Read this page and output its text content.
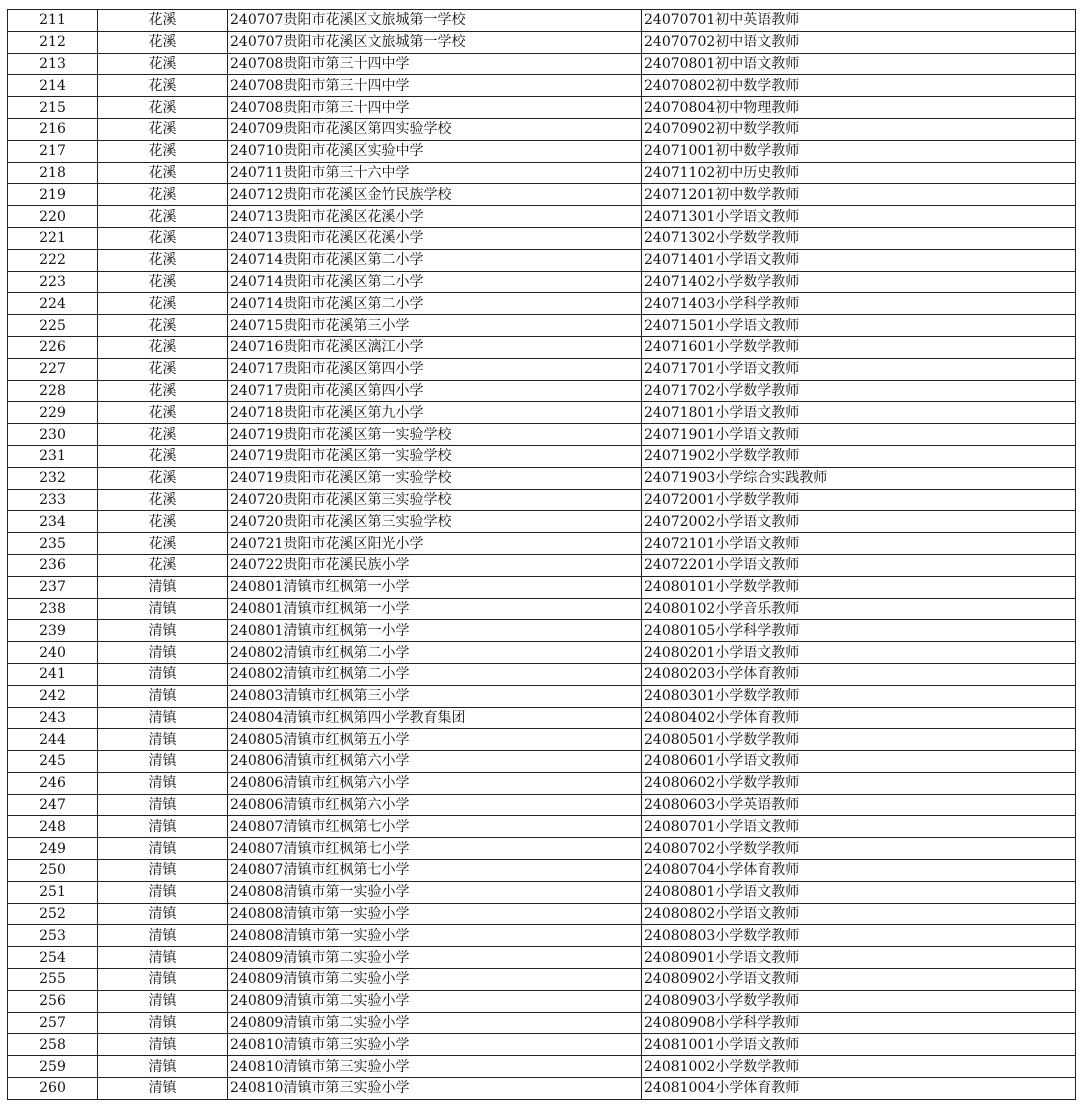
211	花溪	240707贵阳市花溪区文旅城第一学校	24070701初中英语教师
212	花溪	240707贵阳市花溪区文旅城第一学校	24070702初中语文教师
213	花溪	240708贵阳市第三十四中学	24070801初中语文教师
214	花溪	240708贵阳市第三十四中学	24070802初中数学教师
215	花溪	240708贵阳市第三十四中学	24070804初中物理教师
216	花溪	240709贵阳市花溪区第四实验学校	24070902初中数学教师
217	花溪	240710贵阳市花溪区实验中学	24071001初中数学教师
218	花溪	240711贵阳市第三十六中学	24071102初中历史教师
219	花溪	240712贵阳市花溪区金竹民族学校	24071201初中数学教师
220	花溪	240713贵阳市花溪区花溪小学	24071301小学语文教师
221	花溪	240713贵阳市花溪区花溪小学	24071302小学数学教师
222	花溪	240714贵阳市花溪区第二小学	24071401小学语文教师
223	花溪	240714贵阳市花溪区第二小学	24071402小学数学教师
224	花溪	240714贵阳市花溪区第二小学	24071403小学科学教师
225	花溪	240715贵阳市花溪第三小学	24071501小学语文教师
226	花溪	240716贵阳市花溪区漓江小学	24071601小学数学教师
227	花溪	240717贵阳市花溪区第四小学	24071701小学语文教师
228	花溪	240717贵阳市花溪区第四小学	24071702小学数学教师
229	花溪	240718贵阳市花溪区第九小学	24071801小学语文教师
230	花溪	240719贵阳市花溪区第一实验学校	24071901小学语文教师
231	花溪	240719贵阳市花溪区第一实验学校	24071902小学数学教师
232	花溪	240719贵阳市花溪区第一实验学校	24071903小学综合实践教师
233	花溪	240720贵阳市花溪区第三实验学校	24072001小学数学教师
234	花溪	240720贵阳市花溪区第三实验学校	24072002小学语文教师
235	花溪	240721贵阳市花溪区阳光小学	24072101小学语文教师
236	花溪	240722贵阳市花溪民族小学	24072201小学语文教师
237	清镇	240801清镇市红枫第一小学	24080101小学数学教师
238	清镇	240801清镇市红枫第一小学	24080102小学音乐教师
239	清镇	240801清镇市红枫第一小学	24080105小学科学教师
240	清镇	240802清镇市红枫第二小学	24080201小学语文教师
241	清镇	240802清镇市红枫第二小学	24080203小学体育教师
242	清镇	240803清镇市红枫第三小学	24080301小学数学教师
243	清镇	240804清镇市红枫第四小学教育集团	24080402小学体育教师
244	清镇	240805清镇市红枫第五小学	24080501小学数学教师
245	清镇	240806清镇市红枫第六小学	24080601小学语文教师
246	清镇	240806清镇市红枫第六小学	24080602小学数学教师
247	清镇	240806清镇市红枫第六小学	24080603小学英语教师
248	清镇	240807清镇市红枫第七小学	24080701小学语文教师
249	清镇	240807清镇市红枫第七小学	24080702小学数学教师
250	清镇	240807清镇市红枫第七小学	24080704小学体育教师
251	清镇	240808清镇市第一实验小学	24080801小学语文教师
252	清镇	240808清镇市第一实验小学	24080802小学语文教师
253	清镇	240808清镇市第一实验小学	24080803小学数学教师
254	清镇	240809清镇市第二实验小学	24080901小学语文教师
255	清镇	240809清镇市第二实验小学	24080902小学语文教师
256	清镇	240809清镇市第二实验小学	24080903小学数学教师
257	清镇	240809清镇市第二实验小学	24080908小学科学教师
258	清镇	240810清镇市第三实验小学	24081001小学语文教师
259	清镇	240810清镇市第三实验小学	24081002小学数学教师
260	清镇	240810清镇市第三实验小学	24081004小学体育教师
